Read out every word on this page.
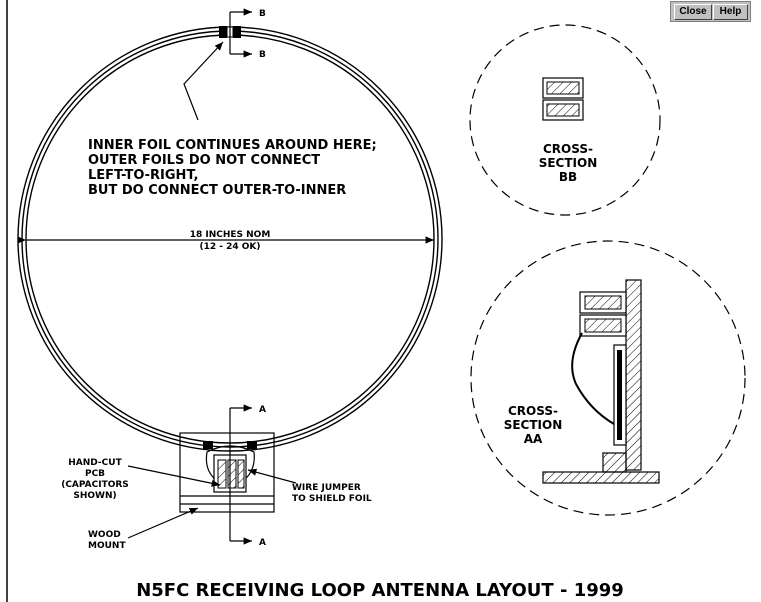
Close	Help
B
B
INNER FOIL CONTINUES AROUND HERE;
OUTER FOILS DO NOT CONNECT
LEFT-TO-RIGHT,
BUT DO CONNECT OUTER-TO-INNER
18 INCHES NOM
(12 - 24 OK)
A
A
HAND-CUT
PCB
(CAPACITORS
SHOWN)
WIRE JUMPER
TO SHIELD FOIL
WOOD
MOUNT
CROSS-
SECTION
BB
CROSS-
SECTION
AA
N5FC RECEIVING LOOP ANTENNA LAYOUT - 1999
